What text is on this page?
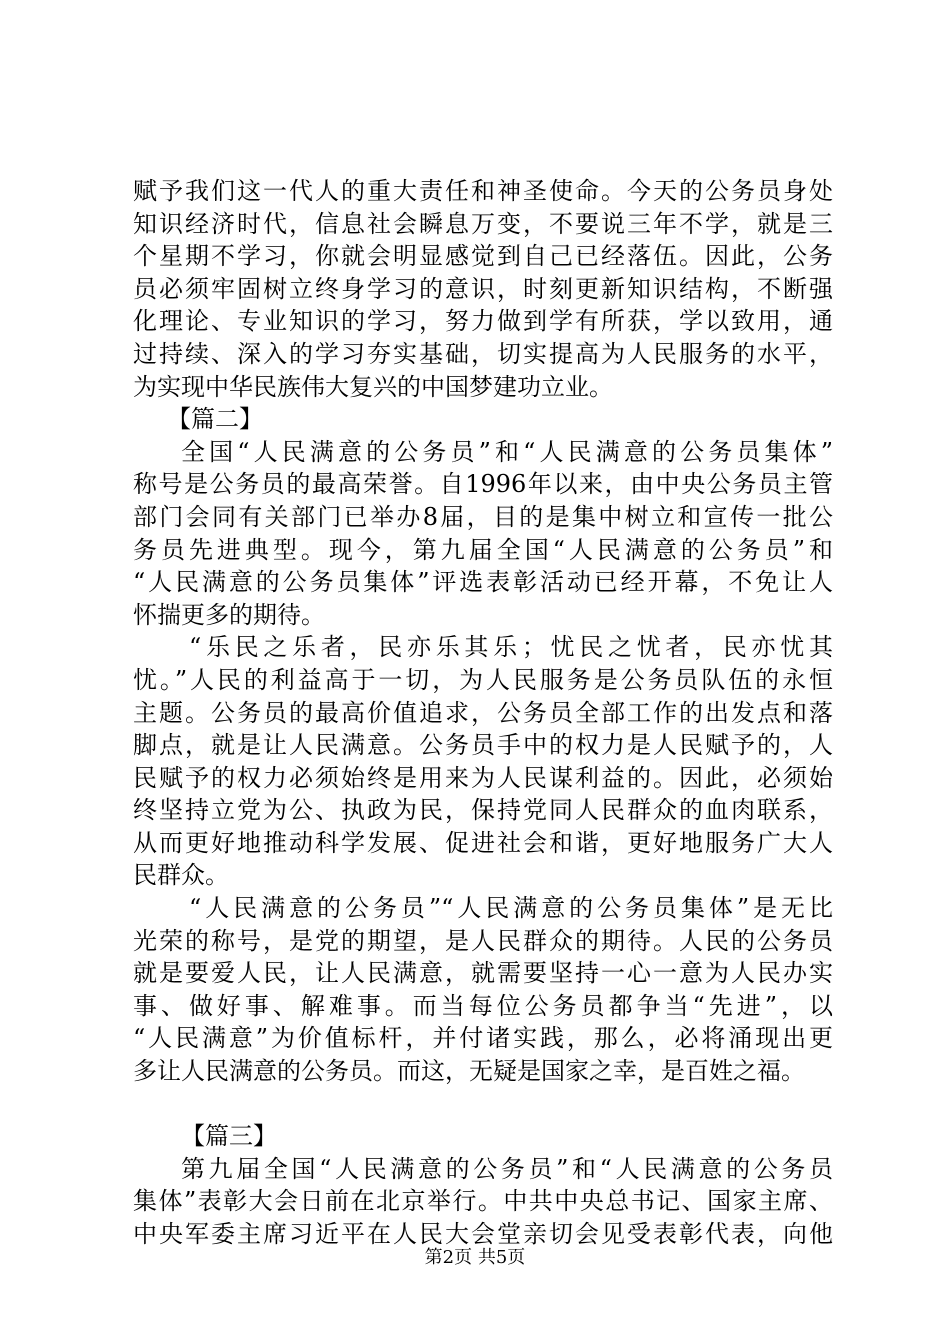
赋予我们这一代人的重大责任和神圣使命。今天的公务员身处
知识经济时代，信息社会瞬息万变，不要说三年不学，就是三
个星期不学习，你就会明显感觉到自己已经落伍。因此，公务
员必须牢固树立终身学习的意识，时刻更新知识结构，不断强
化理论、专业知识的学习，努力做到学有所获，学以致用，通
过持续、深入的学习夯实基础，切实提高为人民服务的水平，
为实现中华民族伟大复兴的中国梦建功立业。
【篇二】
全国“人民满意的公务员”和“人民满意的公务员集体”
称号是公务员的最高荣誉。自1996年以来，由中央公务员主管
部门会同有关部门已举办8届，目的是集中树立和宣传一批公
务员先进典型。现今，第九届全国“人民满意的公务员”和
“人民满意的公务员集体”评选表彰活动已经开幕，不免让人
怀揣更多的期待。
“乐民之乐者，民亦乐其乐；忧民之忧者，民亦忧其
忧。”人民的利益高于一切，为人民服务是公务员队伍的永恒
主题。公务员的最高价值追求，公务员全部工作的出发点和落
脚点，就是让人民满意。公务员手中的权力是人民赋予的，人
民赋予的权力必须始终是用来为人民谋利益的。因此，必须始
终坚持立党为公、执政为民，保持党同人民群众的血肉联系，
从而更好地推动科学发展、促进社会和谐，更好地服务广大人
民群众。
“人民满意的公务员”“人民满意的公务员集体”是无比
光荣的称号，是党的期望，是人民群众的期待。人民的公务员
就是要爱人民，让人民满意，就需要坚持一心一意为人民办实
事、做好事、解难事。而当每位公务员都争当“先进”，以
“人民满意”为价值标杆，并付诸实践，那么，必将涌现出更
多让人民满意的公务员。而这，无疑是国家之幸，是百姓之福。
【篇三】
第九届全国“人民满意的公务员”和“人民满意的公务员
集体”表彰大会日前在北京举行。中共中央总书记、国家主席、
中央军委主席习近平在人民大会堂亲切会见受表彰代表，向他
第2页 共5页
